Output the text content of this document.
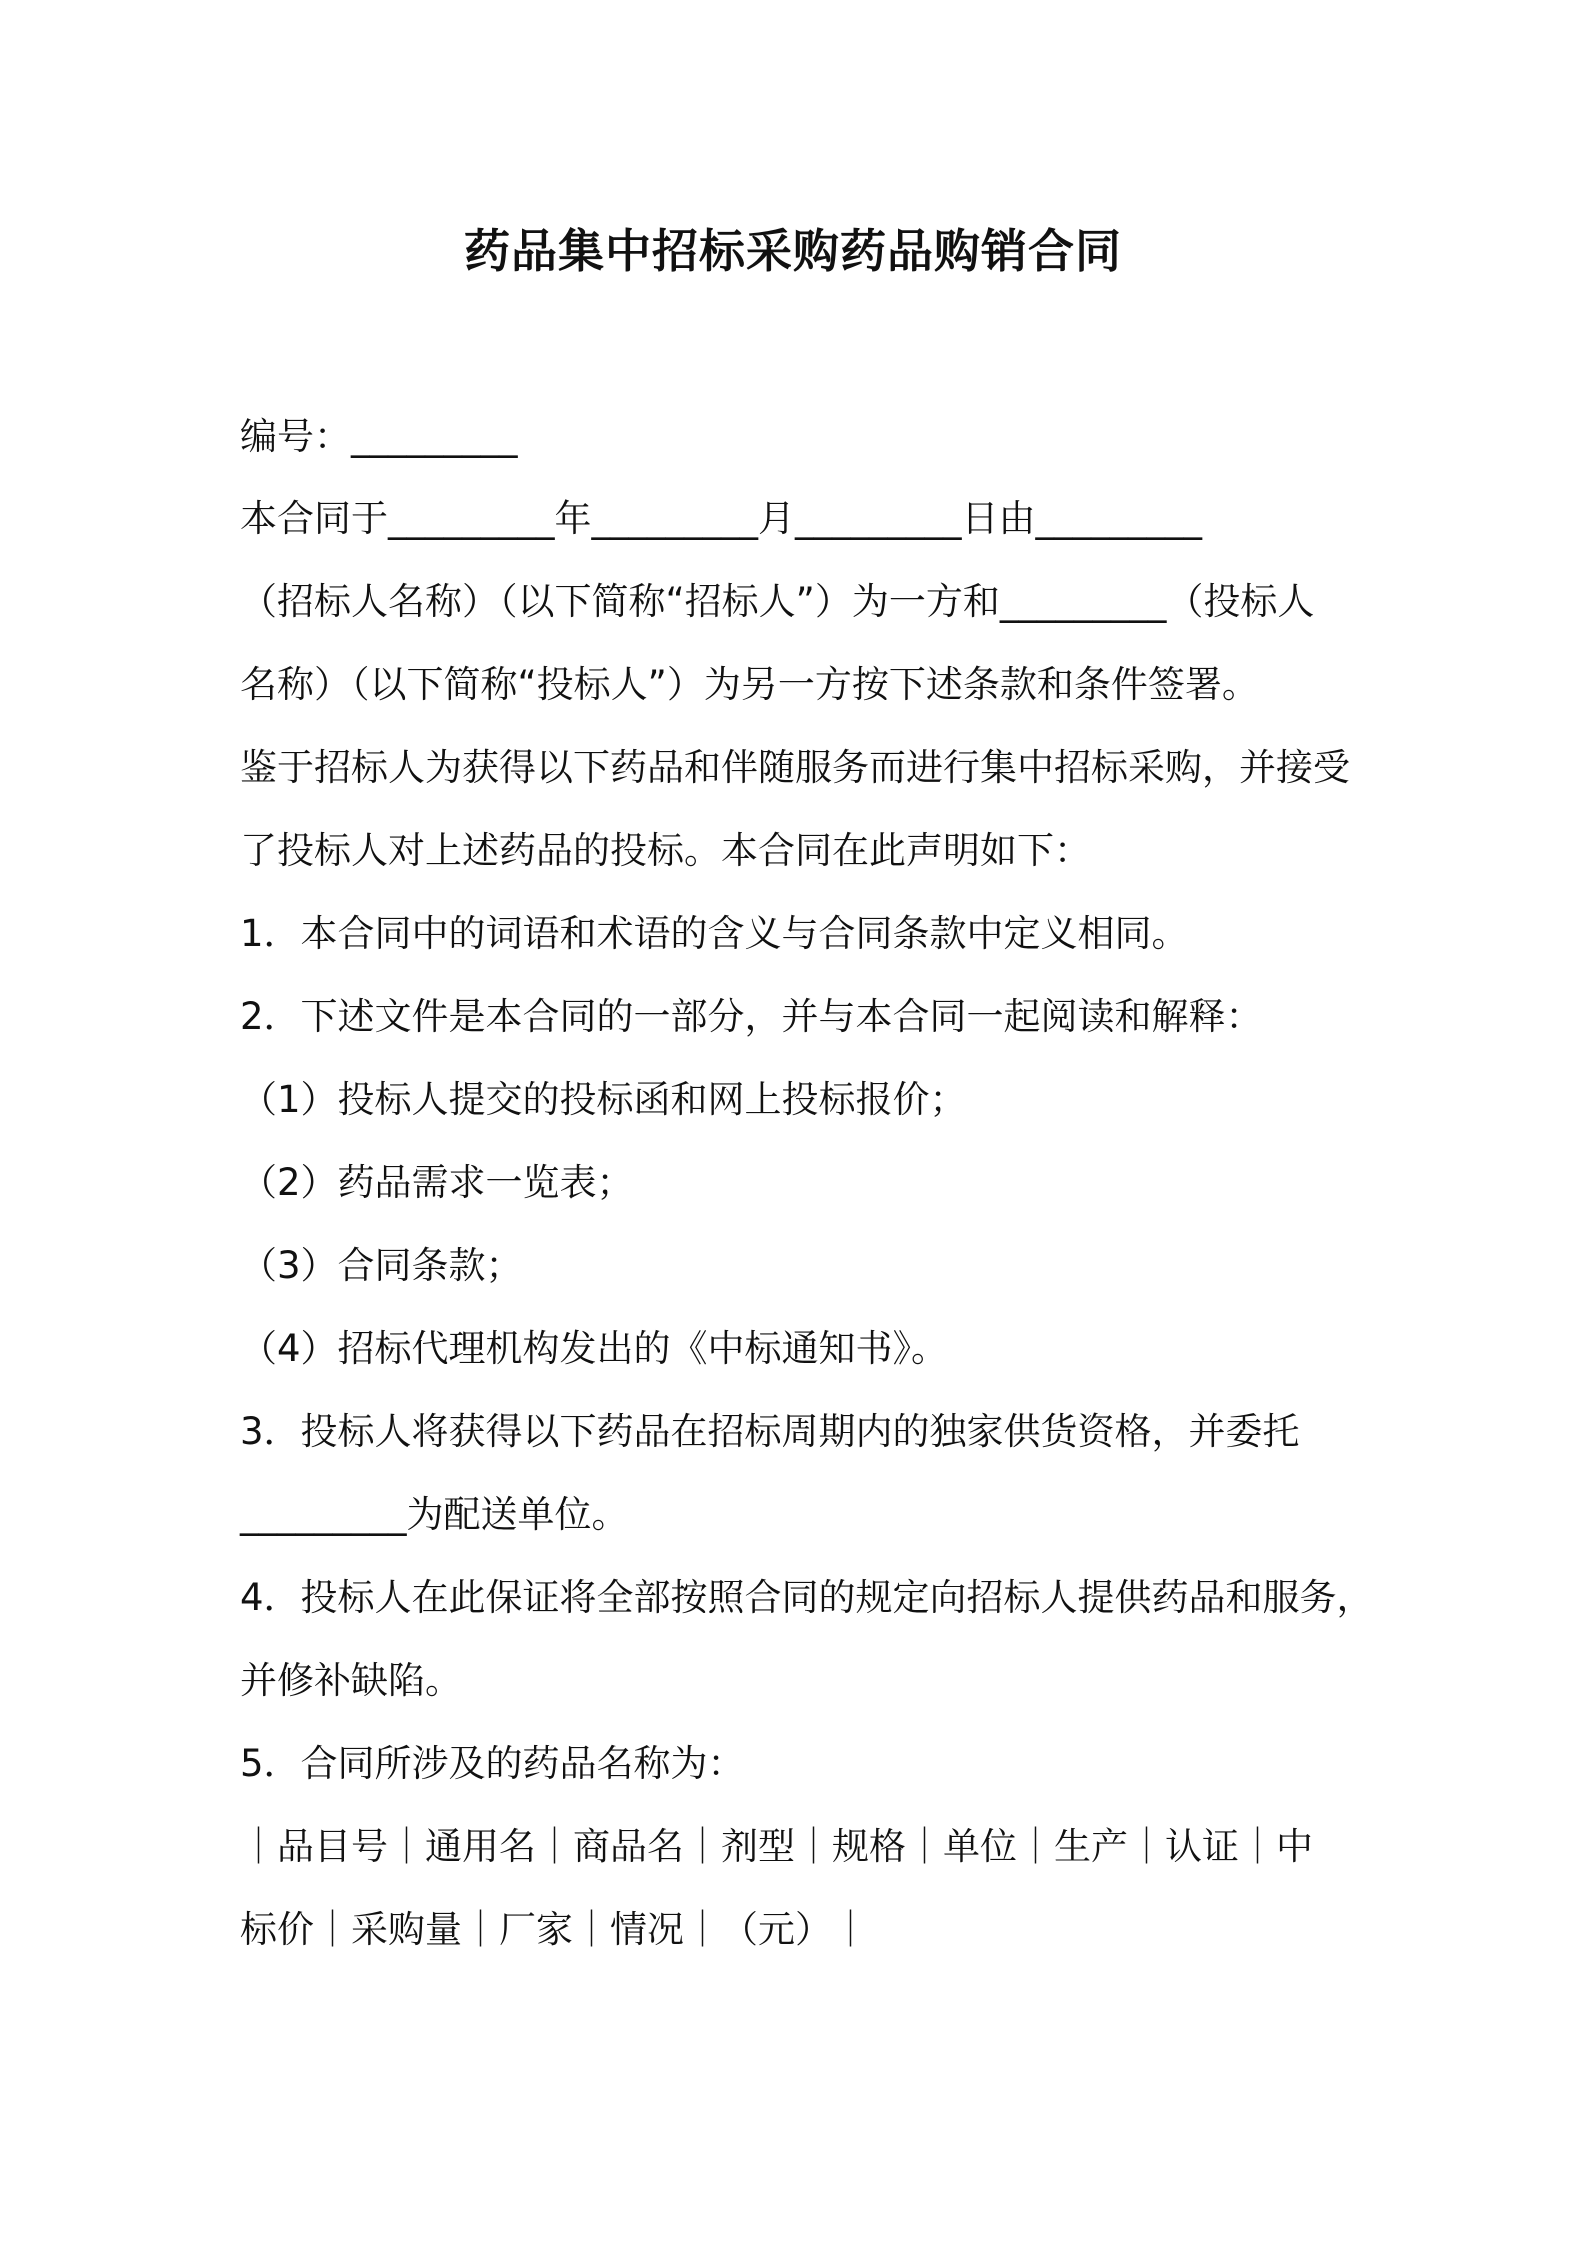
药品集中招标采购药品购销合同
编号：_________
本合同于_________年_________月_________日由_________
（招标人名称）（以下简称“招标人”）为一方和_________（投标人
名称）（以下简称“投标人”）为另一方按下述条款和条件签署。
鉴于招标人为获得以下药品和伴随服务而进行集中招标采购，并接受
了投标人对上述药品的投标。本合同在此声明如下：
1．本合同中的词语和术语的含义与合同条款中定义相同。
2．下述文件是本合同的一部分，并与本合同一起阅读和解释：
（1）投标人提交的投标函和网上投标报价；
（2）药品需求一览表；
（3）合同条款；
（4）招标代理机构发出的《中标通知书》。
3．投标人将获得以下药品在招标周期内的独家供货资格，并委托
_________为配送单位。
4．投标人在此保证将全部按照合同的规定向招标人提供药品和服务，
并修补缺陷。
5．合同所涉及的药品名称为：
｜品目号｜通用名｜商品名｜剂型｜规格｜单位｜生产｜认证｜中
标价｜采购量｜厂家｜情况｜（元）｜
